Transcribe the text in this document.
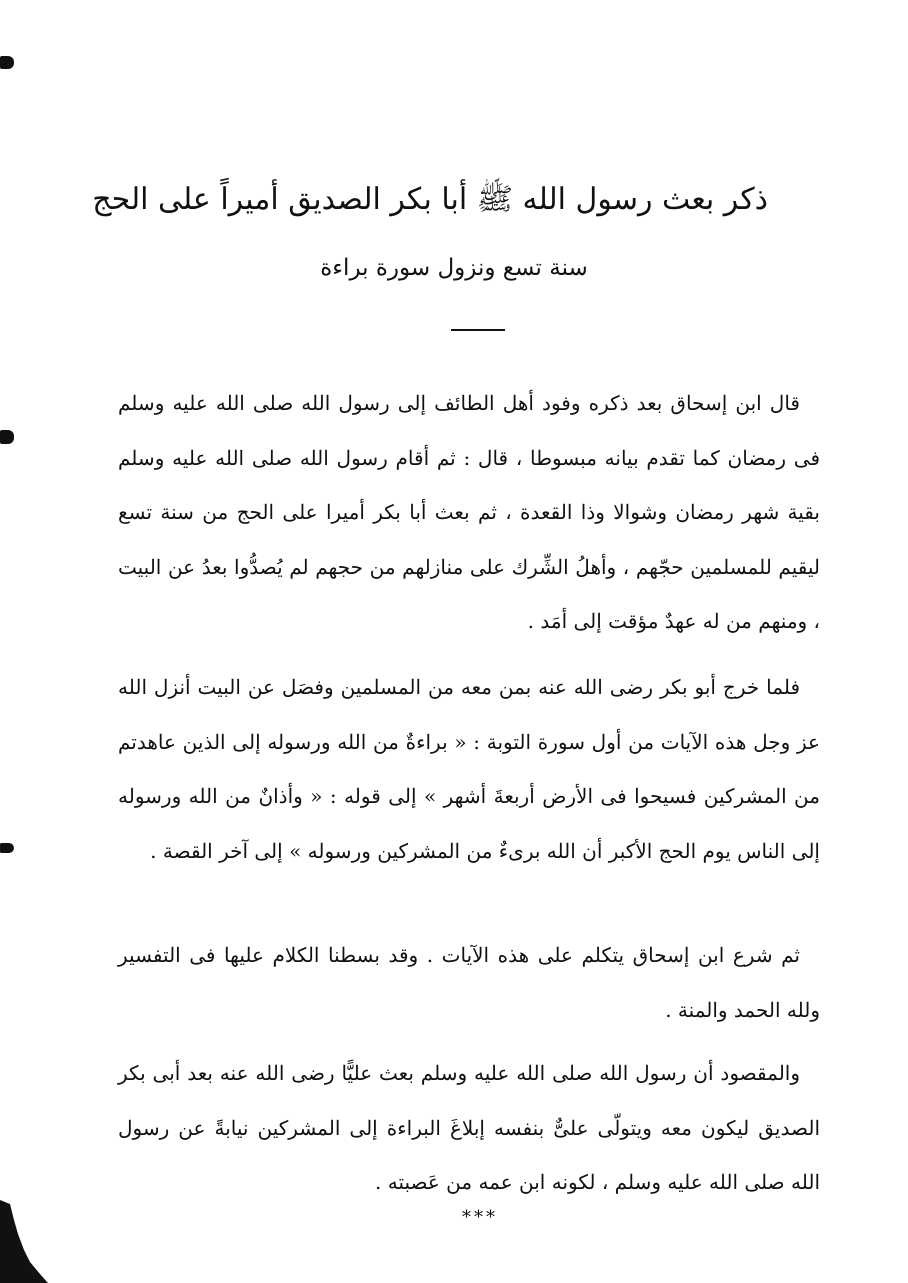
ذكر بعث رسول الله ﷺ أبا بكر الصديق أميراً على الحج
سنة تسع ونزول سورة براءة

قال ابن إسحاق بعد ذكره وفود أهل الطائف إلى رسول الله صلى الله عليه وسلم فى رمضان كما تقدم بيانه مبسوطا ، قال : ثم أقام رسول الله صلى الله عليه وسلم بقية شهر رمضان وشوالا وذا القعدة ، ثم بعث أبا بكر أميرا على الحج من سنة تسع ليقيم للمسلمين حجّهم ، وأهلُ الشِّرك على منازلهم من حجهم لم يُصدُّوا بعدُ عن البيت ، ومنهم من له عهدٌ مؤقت إلى أمَد .

فلما خرج أبو بكر رضى الله عنه بمن معه من المسلمين وفصَل عن البيت أنزل الله عز وجل هذه الآيات من أول سورة التوبة : « براءةٌ من الله ورسوله إلى الذين عاهدتم من المشركين فسيحوا فى الأرض أربعةَ أشهر » إلى قوله : « وأذانٌ من الله ورسوله إلى الناس يوم الحج الأكبر أن الله برىءٌ من المشركين ورسوله » إلى آخر القصة .

ثم شرع ابن إسحاق يتكلم على هذه الآيات . وقد بسطنا الكلام عليها فى التفسير ولله الحمد والمنة .

والمقصود أن رسول الله صلى الله عليه وسلم بعث عليًّا رضى الله عنه بعد أبى بكر الصديق ليكون معه ويتولّى علىٌّ بنفسه إبلاغَ البراءة إلى المشركين نيابةً عن رسول الله صلى الله عليه وسلم ، لكونه ابن عمه من عَصبته .

***
